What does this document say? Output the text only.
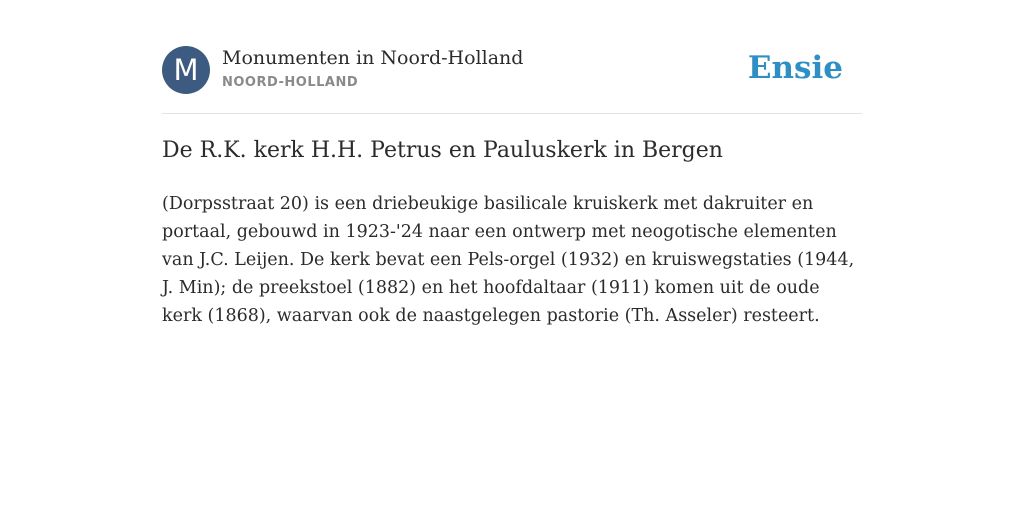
M	Monumenten in Noord-Holland
NOORD-HOLLAND	Ensie
De R.K. kerk H.H. Petrus en Pauluskerk in Bergen

(Dorpsstraat 20) is een driebeukige basilicale kruiskerk met dakruiter en portaal, gebouwd in 1923-'24 naar een ontwerp met neogotische elementen van J.C. Leijen. De kerk bevat een Pels-orgel (1932) en kruiswegstaties (1944, J. Min); de preekstoel (1882) en het hoofdaltaar (1911) komen uit de oude kerk (1868), waarvan ook de naastgelegen pastorie (Th. Asseler) resteert.
